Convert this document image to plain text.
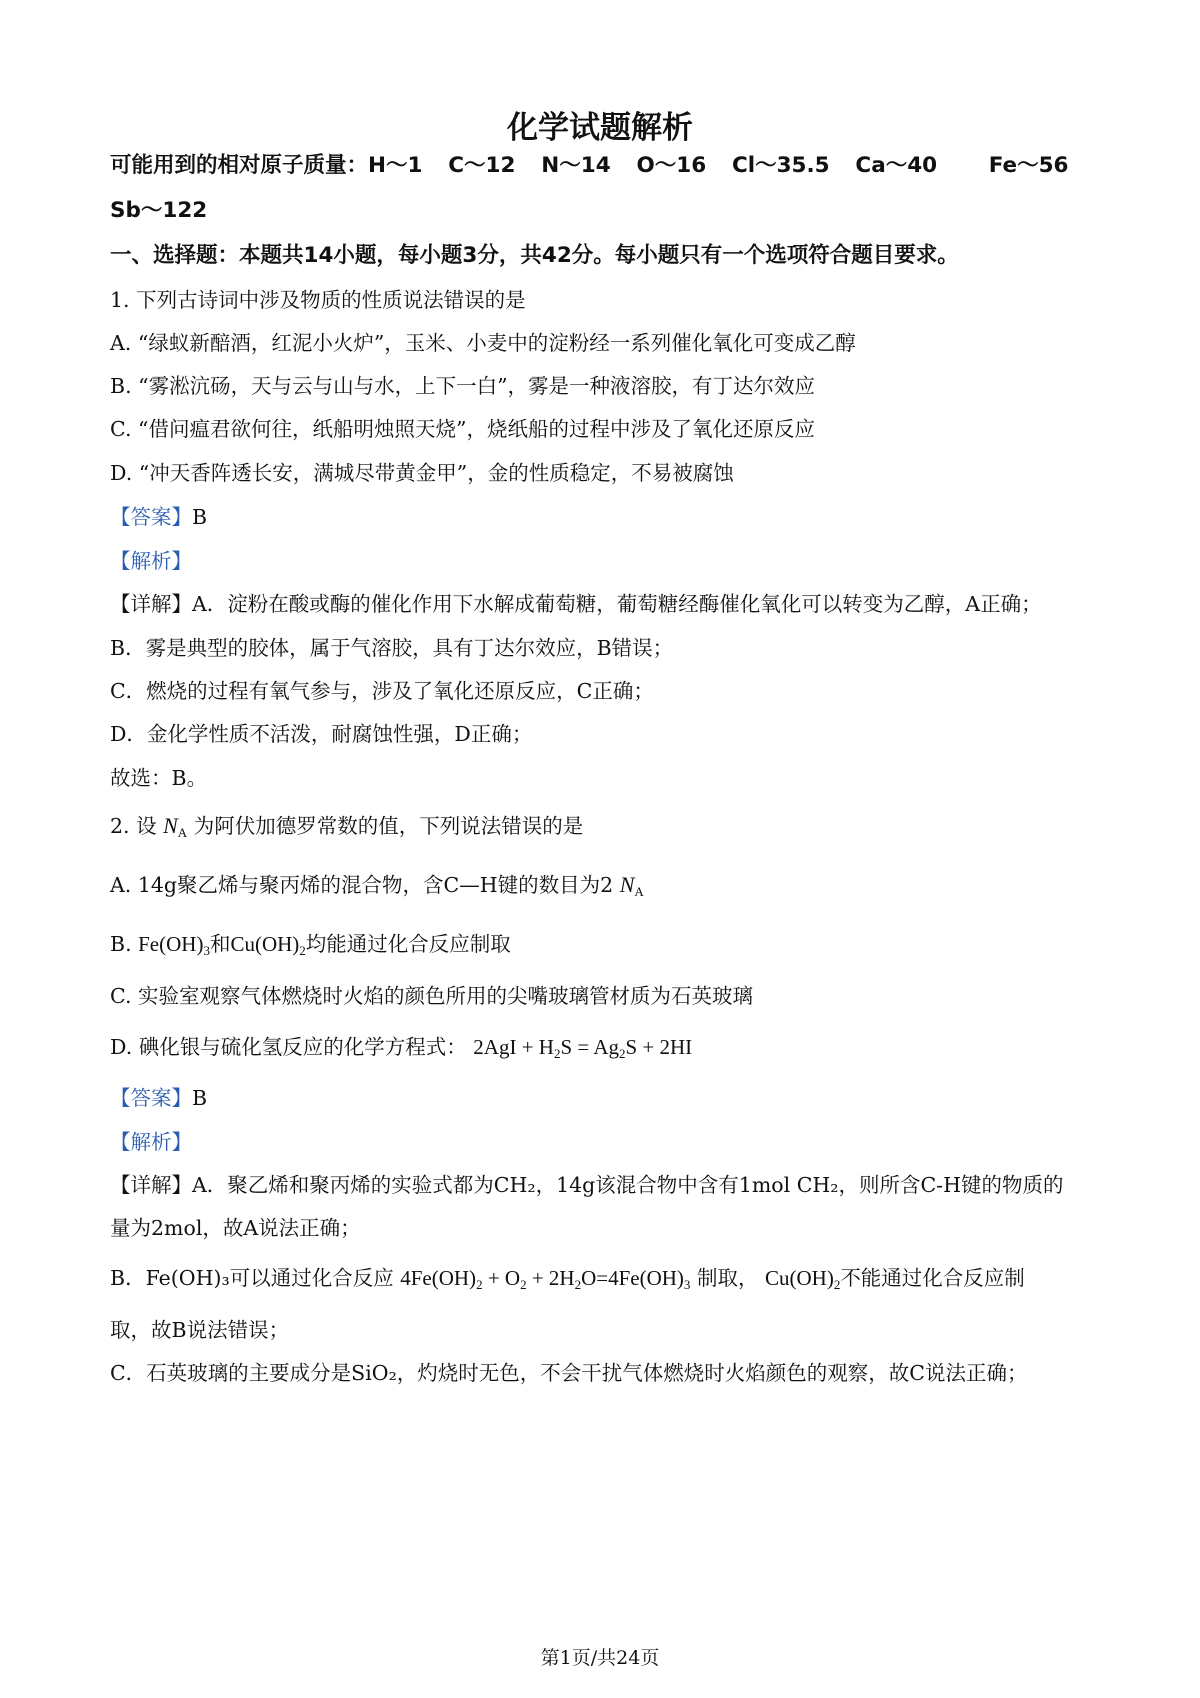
化学试题解析
可能用到的相对原子质量：H～1 C～12 N～14 O～16 Cl～35.5 Ca～40 Fe～56
Sb～122
一、选择题：本题共14小题，每小题3分，共42分。每小题只有一个选项符合题目要求。
1. 下列古诗词中涉及物质的性质说法错误的是
A. “绿蚁新醅酒，红泥小火炉”，玉米、小麦中的淀粉经一系列催化氧化可变成乙醇
B. “雾淞沆砀，天与云与山与水，上下一白”，雾是一种液溶胶，有丁达尔效应
C. “借问瘟君欲何往，纸船明烛照天烧”，烧纸船的过程中涉及了氧化还原反应
D. “冲天香阵透长安，满城尽带黄金甲”，金的性质稳定，不易被腐蚀
【答案】B
【解析】
【详解】A．淀粉在酸或酶的催化作用下水解成葡萄糖，葡萄糖经酶催化氧化可以转变为乙醇，A正确；
B．雾是典型的胶体，属于气溶胶，具有丁达尔效应，B错误；
C．燃烧的过程有氧气参与，涉及了氧化还原反应，C正确；
D．金化学性质不活泼，耐腐蚀性强，D正确；
故选：B。
2. 设 $N_A$ 为阿伏加德罗常数的值，下列说法错误的是
A. 14g聚乙烯与聚丙烯的混合物，含C—H键的数目为2 $N_A$
B. $Fe(OH)_3$和$Cu(OH)_2$均能通过化合反应制取
C. 实验室观察气体燃烧时火焰的颜色所用的尖嘴玻璃管材质为石英玻璃
D. 碘化银与硫化氢反应的化学方程式： $2AgI + H_2S = Ag_2S + 2HI$
【答案】B
【解析】
【详解】A．聚乙烯和聚丙烯的实验式都为CH₂，14g该混合物中含有1mol CH₂，则所含C-H键的物质的
量为2mol，故A说法正确；
B．Fe(OH)₃可以通过化合反应 $4Fe(OH)_2 + O_2 + 2H_2O=4Fe(OH)_3$ 制取， $Cu(OH)_2$不能通过化合反应制
取，故B说法错误；
C．石英玻璃的主要成分是SiO₂，灼烧时无色，不会干扰气体燃烧时火焰颜色的观察，故C说法正确；
第1页/共24页
